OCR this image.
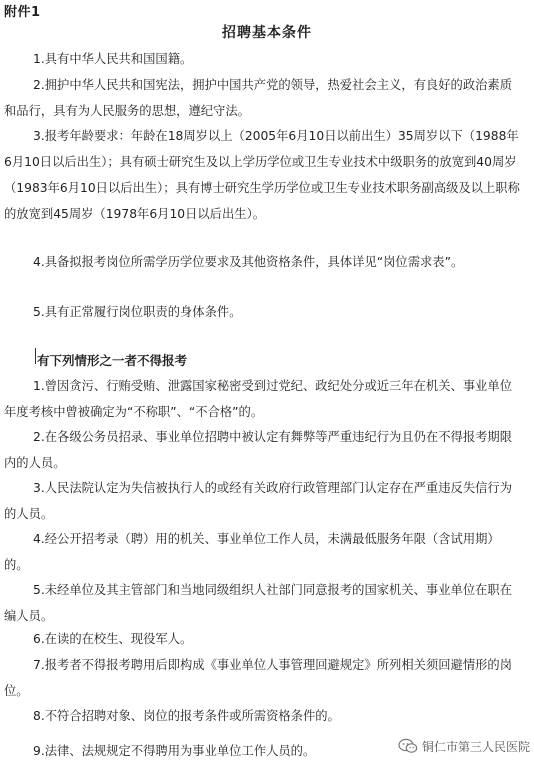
附件1
招聘基本条件
1.具有中华人民共和国国籍。
2.拥护中华人民共和国宪法，拥护中国共产党的领导，热爱社会主义，有良好的政治素质和品行，具有为人民服务的思想，遵纪守法。
3.报考年龄要求：年龄在18周岁以上（2005年6月10日以前出生）35周岁以下（1988年6月10日以后出生）；具有硕士研究生及以上学历学位或卫生专业技术中级职务的放宽到40周岁（1983年6月10日以后出生）；具有博士研究生学历学位或卫生专业技术职务副高级及以上职称的放宽到45周岁（1978年6月10日以后出生）。
4.具备拟报考岗位所需学历学位要求及其他资格条件，具体详见“岗位需求表”。
5.具有正常履行岗位职责的身体条件。
有下列情形之一者不得报考
1.曾因贪污、行贿受贿、泄露国家秘密受到过党纪、政纪处分或近三年在机关、事业单位年度考核中曾被确定为“不称职”、“不合格”的。
2.在各级公务员招录、事业单位招聘中被认定有舞弊等严重违纪行为且仍在不得报考期限内的人员。
3.人民法院认定为失信被执行人的或经有关政府行政管理部门认定存在严重违反失信行为的人员。
4.经公开招考录（聘）用的机关、事业单位工作人员，未满最低服务年限（含试用期）的。
5.未经单位及其主管部门和当地同级组织人社部门同意报考的国家机关、事业单位在职在编人员。
6.在读的在校生、现役军人。
7.报考者不得报考聘用后即构成《事业单位人事管理回避规定》所列相关须回避情形的岗位。
8.不符合招聘对象、岗位的报考条件或所需资格条件的。
9.法律、法规规定不得聘用为事业单位工作人员的。	铜仁市第三人民医院
